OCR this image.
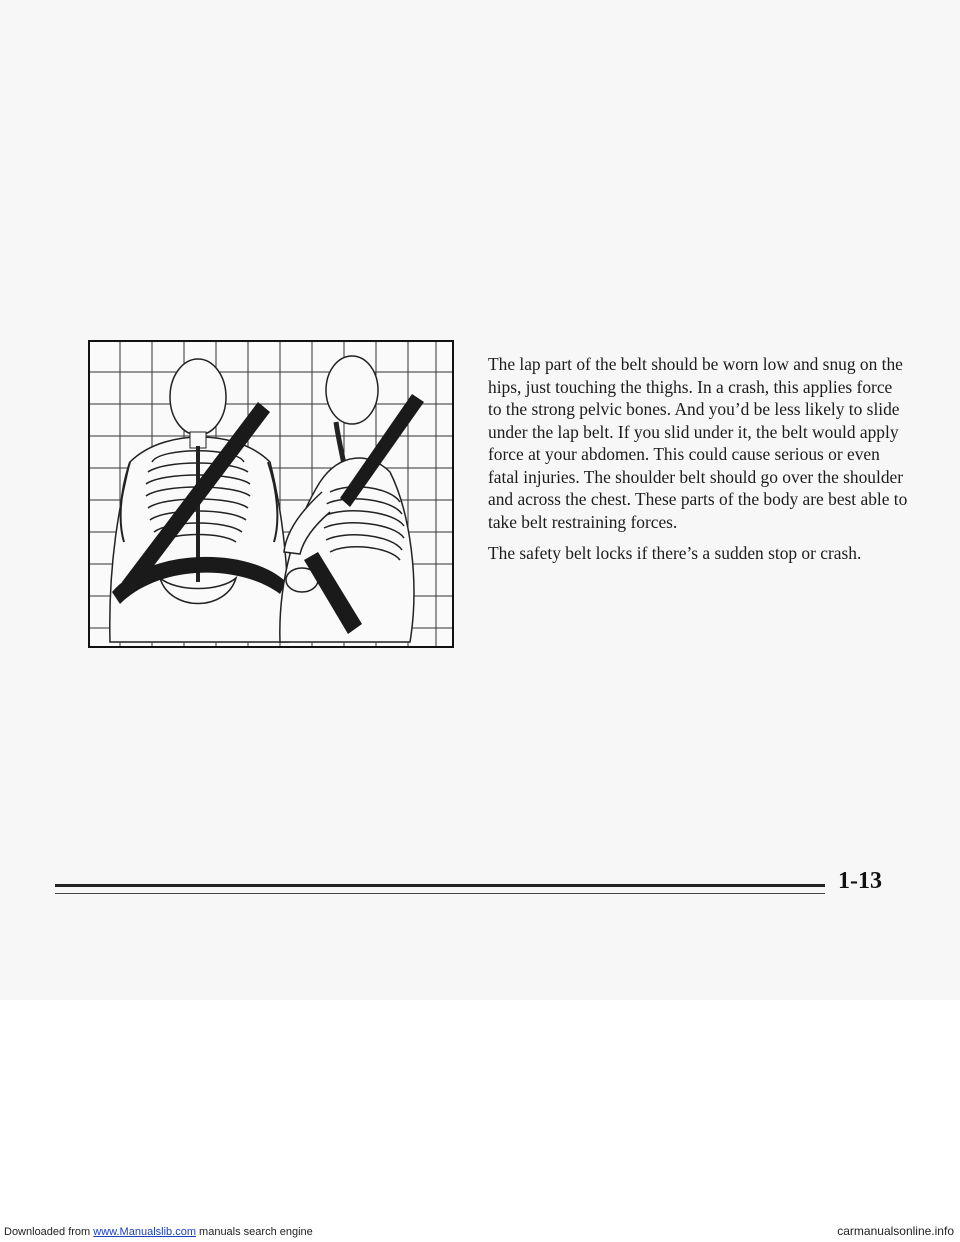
The lap part of the belt should be worn low and snug on the hips, just touching the thighs. In a crash, this applies force to the strong pelvic bones. And you’d be less likely to slide under the lap belt. If you slid under it, the belt would apply force at your abdomen. This could cause serious or even fatal injuries. The shoulder belt should go over the shoulder and across the chest. These parts of the body are best able to take belt restraining forces.

The safety belt locks if there’s a sudden stop or crash.

1-13
Downloaded from www.Manualslib.com manuals search engine	carmanualsonline.info
